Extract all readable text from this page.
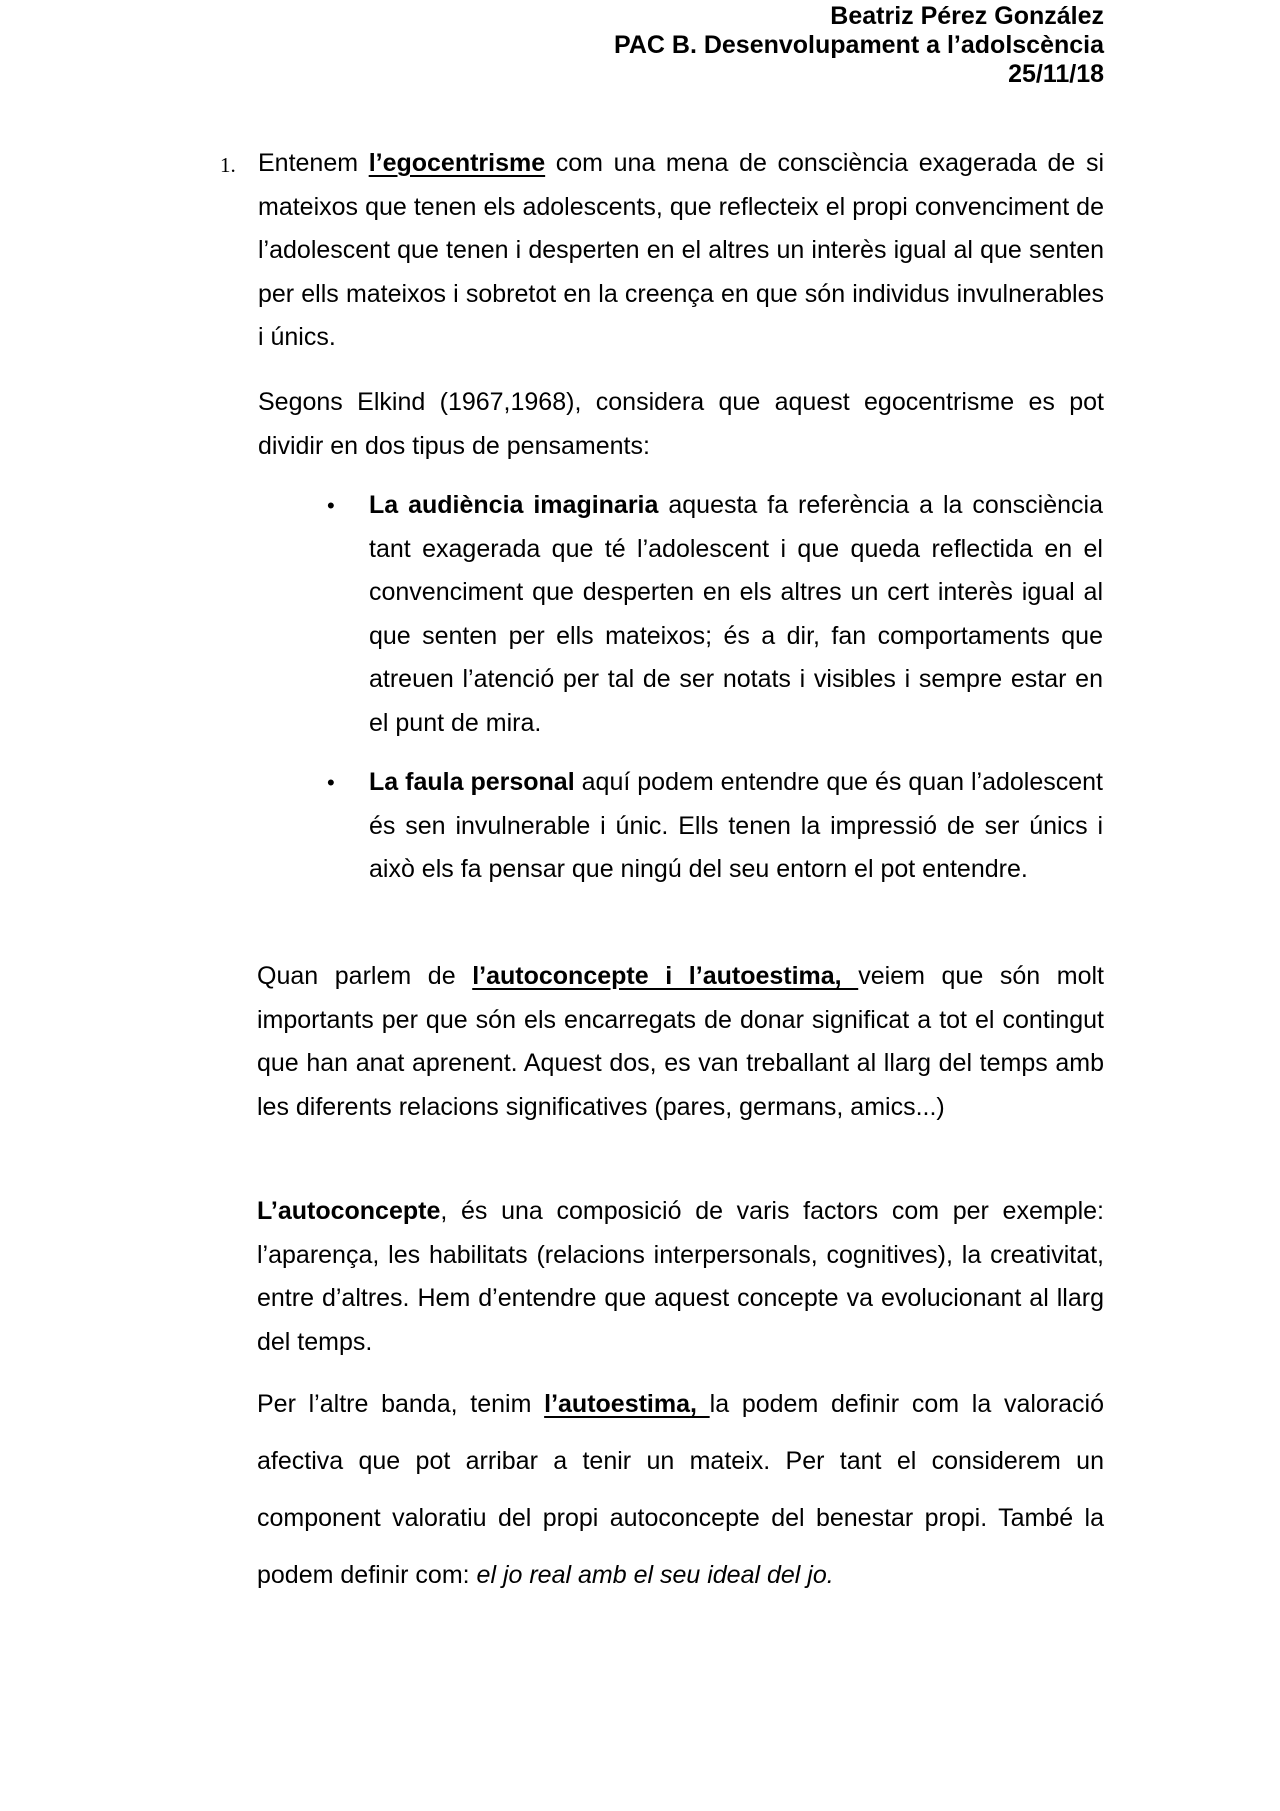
Beatriz Pérez González
PAC B. Desenvolupament a l’adolscència
25/11/18
1. Entenem l’egocentrisme com una mena de consciència exagerada de si mateixos que tenen els adolescents, que reflecteix el propi convenciment de l’adolescent que tenen i desperten en el altres un interès igual al que senten per ells mateixos i sobretot en la creença en que són individus invulnerables i únics.

Segons Elkind (1967,1968), considera que aquest egocentrisme es pot dividir en dos tipus de pensaments:

• La audiència imaginaria aquesta fa referència a la consciència tant exagerada que té l’adolescent i que queda reflectida en el convenciment que desperten en els altres un cert interès igual al que senten per ells mateixos; és a dir, fan comportaments que atreuen l’atenció per tal de ser notats i visibles i sempre estar en el punt de mira.

• La faula personal aquí podem entendre que és quan l’adolescent és sen invulnerable i únic. Ells tenen la impressió de ser únics i això els fa pensar que ningú del seu entorn el pot entendre.

Quan parlem de l’autoconcepte i l’autoestima, veiem que són molt importants per que són els encarregats de donar significat a tot el contingut que han anat aprenent. Aquest dos, es van treballant al llarg del temps amb les diferents relacions significatives (pares, germans, amics...)

L’autoconcepte, és una composició de varis factors com per exemple: l’aparença, les habilitats (relacions interpersonals, cognitives), la creativitat, entre d’altres. Hem d’entendre que aquest concepte va evolucionant al llarg del temps.

Per l’altre banda, tenim l’autoestima, la podem definir com la valoració afectiva que pot arribar a tenir un mateix. Per tant el considerem un component valoratiu del propi autoconcepte del benestar propi. També la podem definir com: el jo real amb el seu ideal del jo.
